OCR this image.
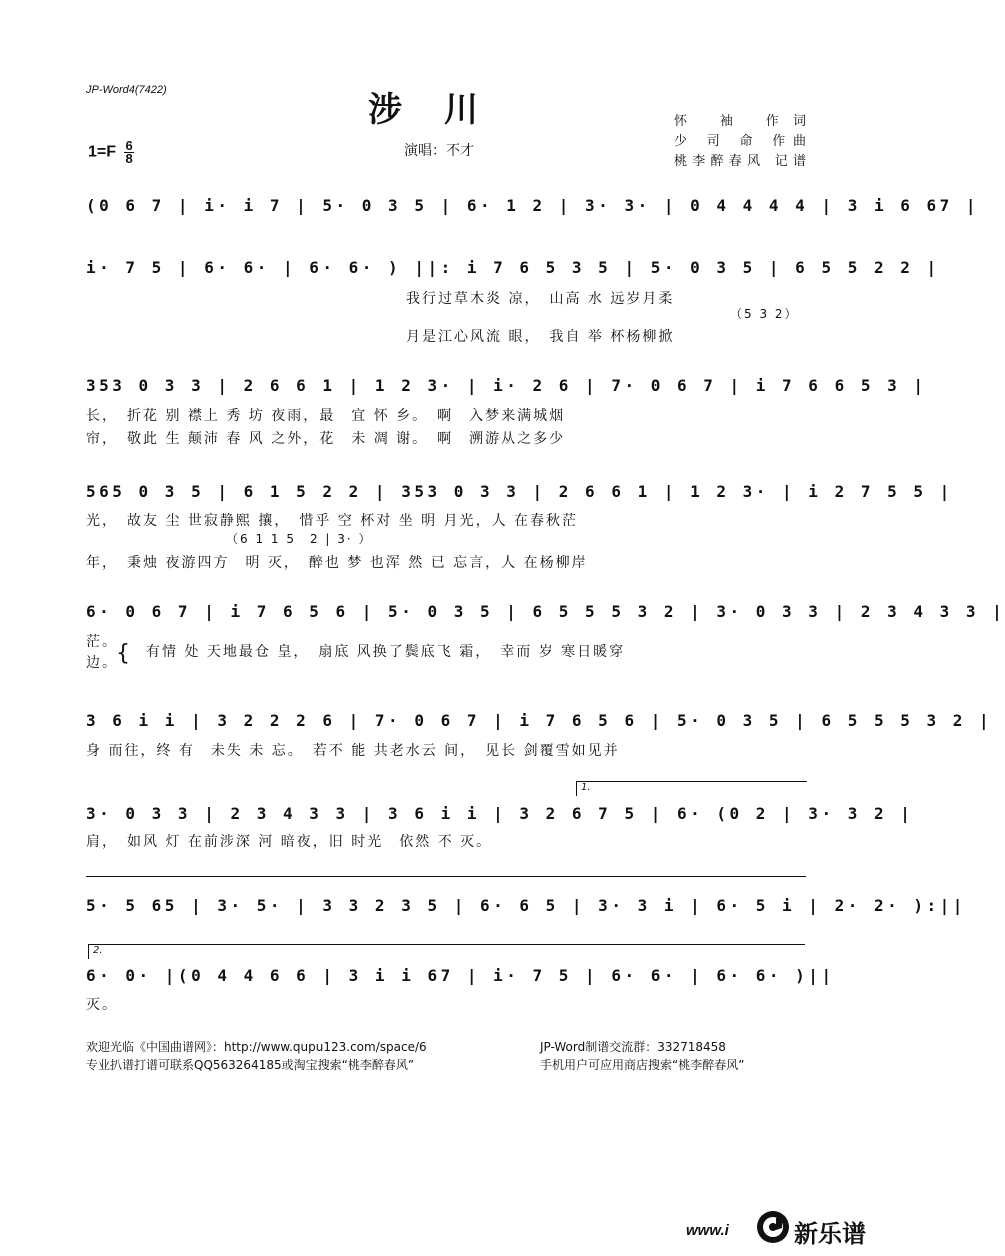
JP-Word4(7422)	涉川
$1=F \frac{6}{8}$	演唱：不才
怀 袖 作词
少 司 命 作曲
桃李醉春风 记谱
(0 6 7 | i· i 7 | 5· 0 3 5 | 6· 1 2 | 3· 3· | 0 4 4 4 4 | 3 i 6 67 |
i· 7 5 | 6· 6· | 6· 6· ) ||: i 7 6 5 3 5 | 5· 0 3 5 | 6 5 5 2 2 |
我行过草木炎 凉，　山高 水 远岁月柔
（5 3 2）
月是江心风流 眼，　我自 举 杯杨柳掀
353 0 3 3 | 2 6 6 1 | 1 2 3· | i· 2 6 | 7· 0 6 7 | i 7 6 6 5 3 |
长，　折花 别 襟上 秀 坊 夜雨，最　宜 怀 乡。　啊　入梦来满城烟
帘，　敬此 生 颠沛 春 风 之外，花　未 凋 谢。　啊　溯游从之多少
565 0 3 5 | 6 1 5 2 2 | 353 0 3 3 | 2 6 6 1 | 1 2 3· | i 2 7 5 5 |
光，　故友 尘 世寂静熙 攘，　惜乎 空 杯对 坐 明 月光，人 在春秋茫
（6 1 1 5　2 | 3· ）
年，　秉烛 夜游四方　明 灭，　醉也 梦 也浑 然 已 忘言，人 在杨柳岸
6· 0 6 7 | i 7 6 5 6 | 5· 0 3 5 | 6 5 5 5 3 2 | 3· 0 3 3 | 2 3 4 3 3 |
茫。
边。
{	有情 处 天地最仓 皇，　扇底 风换了鬓底飞 霜，　幸而 岁 寒日暖穿
3 6 i i | 3 2 2 2 6 | 7· 0 6 7 | i 7 6 5 6 | 5· 0 3 5 | 6 5 5 5 3 2 |
身 而往，终 有　未失 未 忘。　若不 能 共老水云 间，　见长 剑覆雪如见并
1.
3· 0 3 3 | 2 3 4 3 3 | 3 6 i i | 3 2 6 7 5 | 6· (0 2 | 3· 3 2 |
肩，　如风 灯 在前涉深 河 暗夜，旧 时光　依然 不 灭。
5· 5 65 | 3· 5· | 3 3 2 3 5 | 6· 6 5 | 3· 3 i | 6· 5 i | 2· 2· ):||
2.
6· 0· |(0 4 4 6 6 | 3 i i 67 | i· 7 5 | 6· 6· | 6· 6· )||
灭。
欢迎光临《中国曲谱网》：http://www.qupu123.com/space/6
专业扒谱打谱可联系QQ563264185或淘宝搜索“桃李醉春风”
JP-Word制谱交流群：332718458
手机用户可应用商店搜索“桃李醉春风”
www.i	新乐谱
